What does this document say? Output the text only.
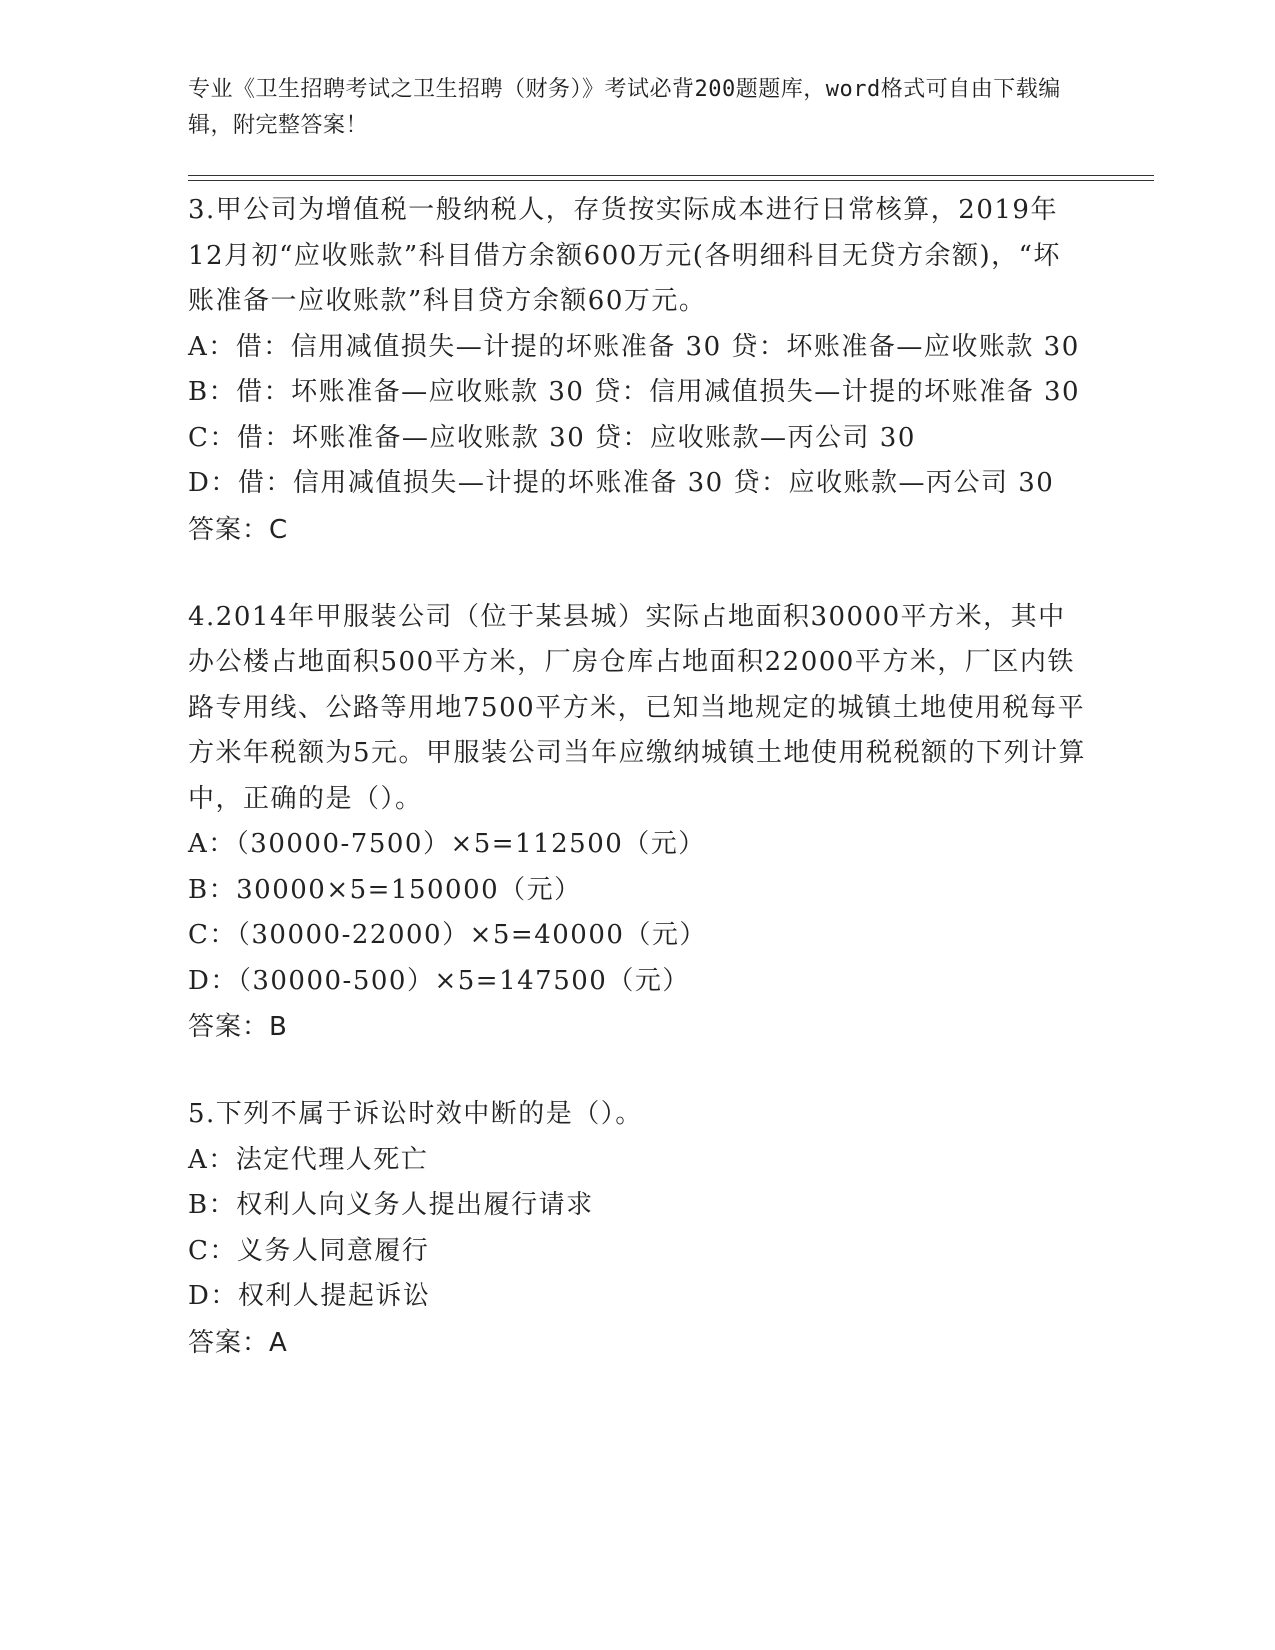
专业《卫生招聘考试之卫生招聘（财务）》考试必背200题题库，word格式可自由下载编辑，附完整答案！

3.甲公司为增值税一般纳税人，存货按实际成本进行日常核算，2019年12月初“应收账款”科目借方余额600万元(各明细科目无贷方余额)，“坏账准备一应收账款”科目贷方余额60万元。

A：借：信用减值损失—计提的坏账准备 30 贷：坏账准备—应收账款 30

B：借：坏账准备—应收账款 30 贷：信用减值损失—计提的坏账准备 30

C：借：坏账准备—应收账款 30 贷：应收账款—丙公司 30

D：借：信用减值损失—计提的坏账准备 30 贷：应收账款—丙公司 30

答案：C

4.2014年甲服装公司（位于某县城）实际占地面积30000平方米，其中办公楼占地面积500平方米，厂房仓库占地面积22000平方米，厂区内铁路专用线、公路等用地7500平方米，已知当地规定的城镇土地使用税每平方米年税额为5元。甲服装公司当年应缴纳城镇土地使用税税额的下列计算中，正确的是（）。

A：（30000-7500）×5=112500（元）

B：30000×5=150000（元）

C：（30000-22000）×5=40000（元）

D：（30000-500）×5=147500（元）

答案：B

5.下列不属于诉讼时效中断的是（）。

A：法定代理人死亡

B：权利人向义务人提出履行请求

C：义务人同意履行

D：权利人提起诉讼

答案：A
